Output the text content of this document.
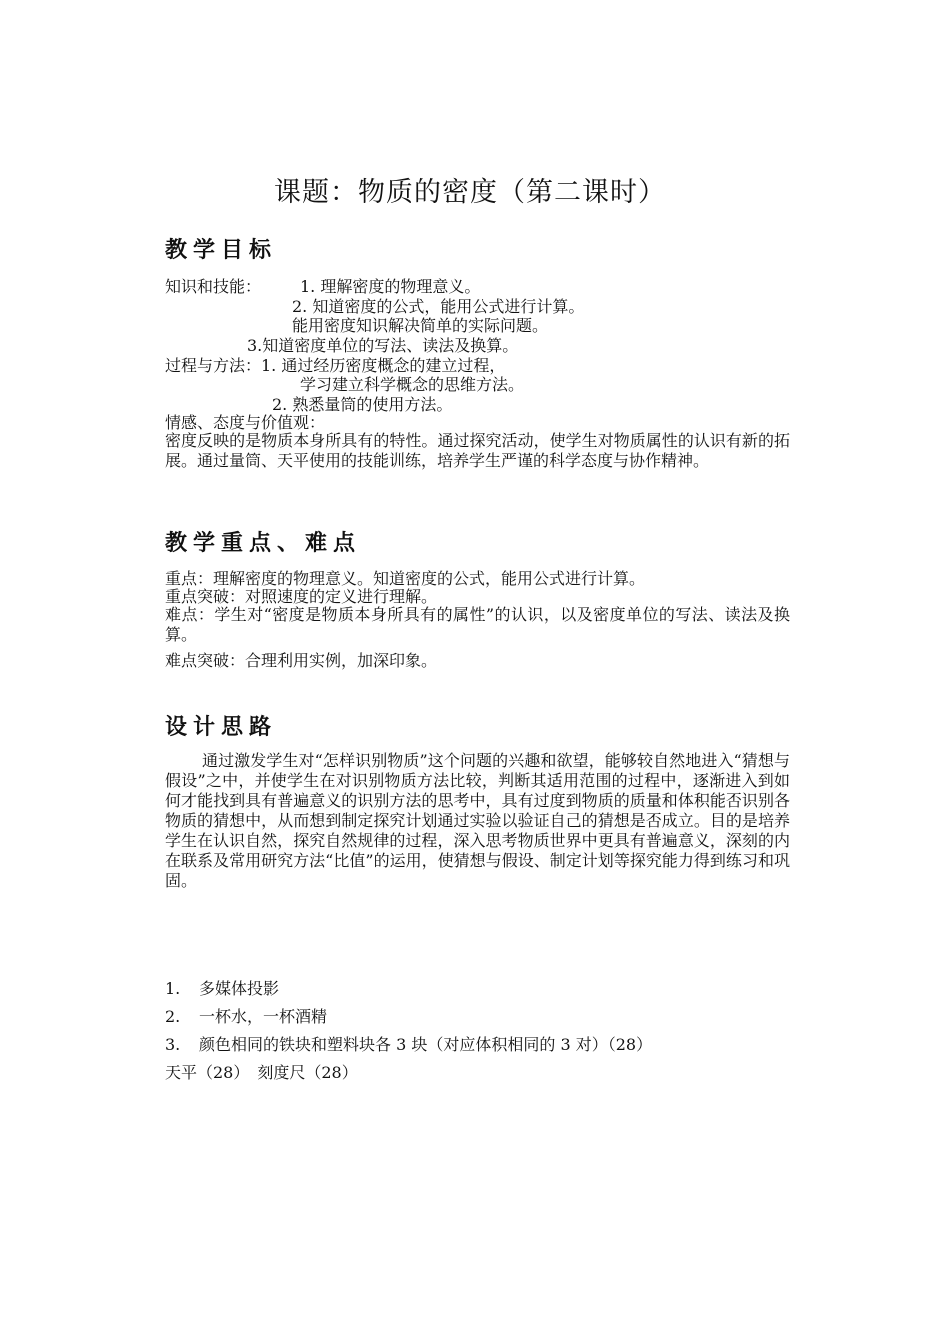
课题：物质的密度（第二课时）
教学目标
知识和技能： 1. 理解密度的物理意义。
2. 知道密度的公式，能用公式进行计算。
能用密度知识解决简单的实际问题。
3.知道密度单位的写法、读法及换算。
过程与方法：1. 通过经历密度概念的建立过程，
学习建立科学概念的思维方法。
2. 熟悉量筒的使用方法。
情感、态度与价值观：
密度反映的是物质本身所具有的特性。通过探究活动，使学生对物质属性的认识有新的拓展。通过量筒、天平使用的技能训练，培养学生严谨的科学态度与协作精神。
教学重点、难点
重点：理解密度的物理意义。知道密度的公式，能用公式进行计算。
重点突破：对照速度的定义进行理解。
难点：学生对“密度是物质本身所具有的属性”的认识，以及密度单位的写法、读法及换算。
难点突破：合理利用实例，加深印象。
设计思路
通过激发学生对“怎样识别物质”这个问题的兴趣和欲望，能够较自然地进入“猜想与假设”之中，并使学生在对识别物质方法比较，判断其适用范围的过程中，逐渐进入到如何才能找到具有普遍意义的识别方法的思考中，具有过度到物质的质量和体积能否识别各物质的猜想中，从而想到制定探究计划通过实验以验证自己的猜想是否成立。目的是培养学生在认识自然，探究自然规律的过程，深入思考物质世界中更具有普遍意义，深刻的内在联系及常用研究方法“比值”的运用，使猜想与假设、制定计划等探究能力得到练习和巩固。
1. 多媒体投影
2. 一杯水，一杯酒精
3. 颜色相同的铁块和塑料块各 3 块（对应体积相同的 3 对）（28）
天平（28）　刻度尺（28）
